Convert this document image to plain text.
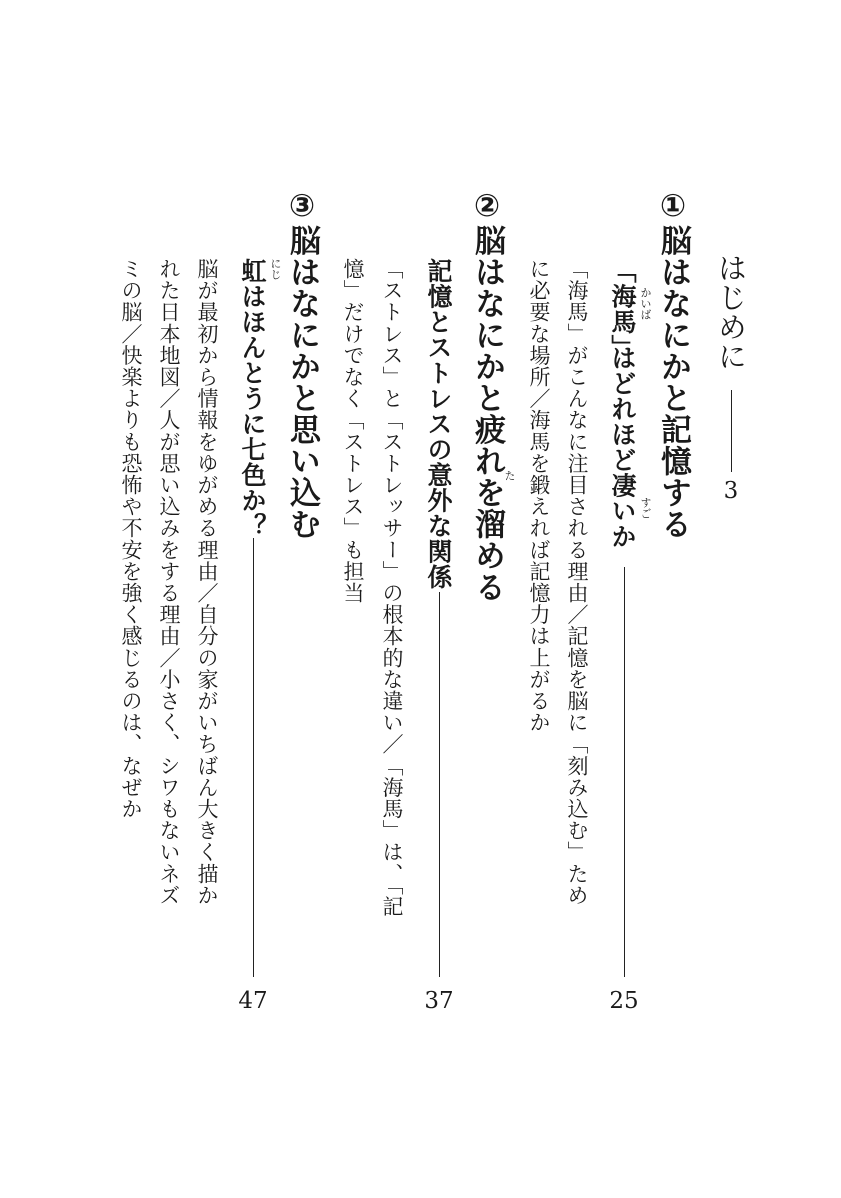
はじめに
3
①脳はなにかと記憶する
「海馬」 かいば
はどれほど凄いか すご
25
「海馬」がこんなに注目される理由／記憶を脳に「刻み込む」ため
に必要な場所／海馬を鍛えれば記憶力は上がるか
②脳はなにかと疲れを溜める
た
記憶とストレスの意外な関係
37
「ストレス」と「ストレッサー」の根本的な違い／「海馬」は、「記
憶」だけでなく「ストレス」も担当
③脳はなにかと思い込む
虹はほんとうに七色か？ にじ
47
脳が最初から情報をゆがめる理由／自分の家がいちばん大きく描か
れた日本地図／人が思い込みをする理由／小さく、シワもないネズ
ミの脳／快楽よりも恐怖や不安を強く感じるのは、なぜか
